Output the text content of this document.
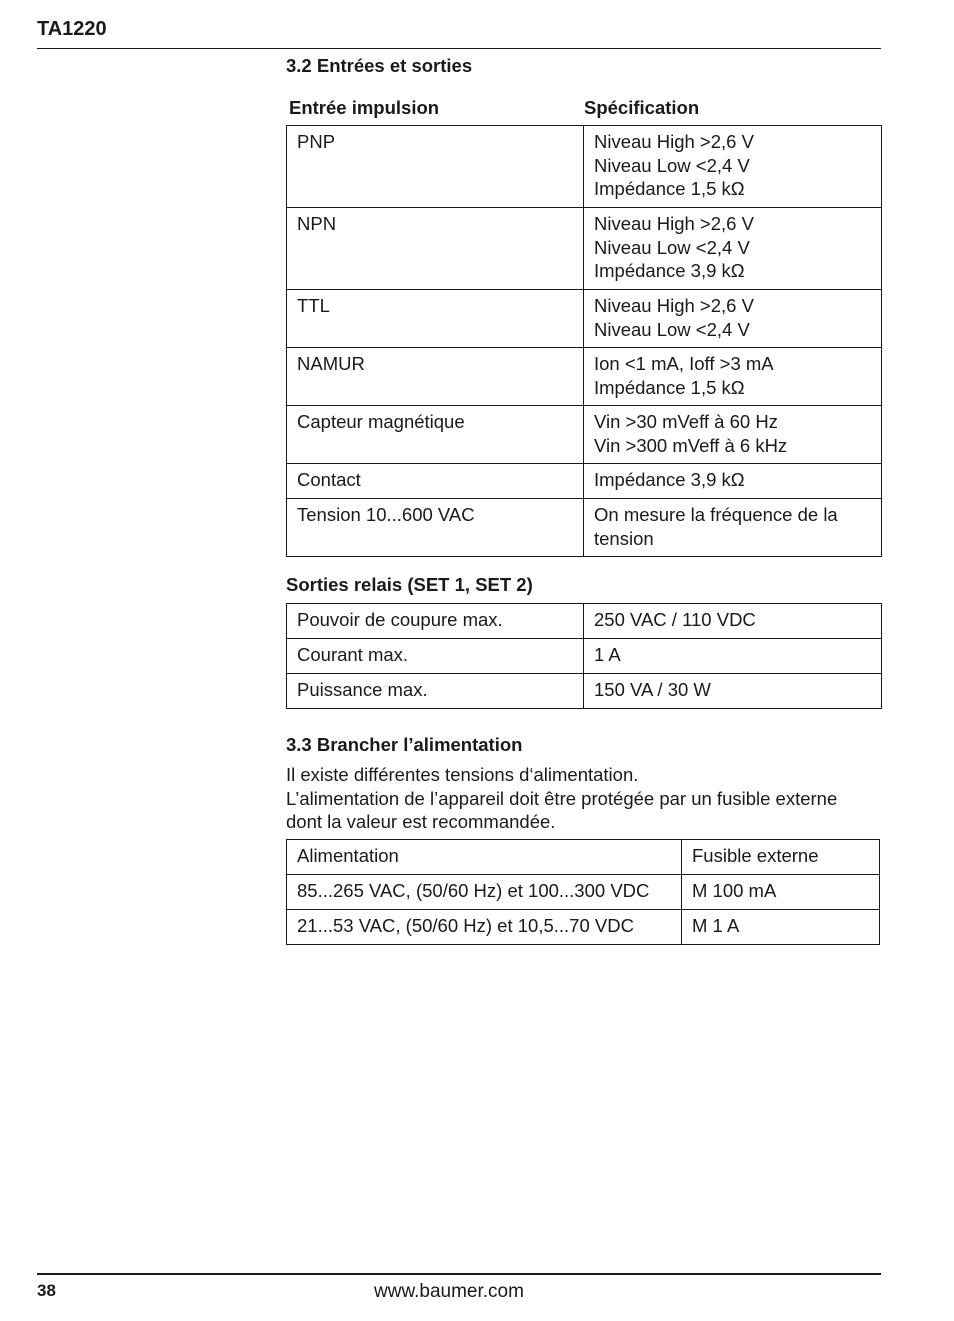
TA1220
3.2 Entrées et sorties
Entrée impulsion	Spécification
PNP	Niveau High >2,6 V
Niveau Low <2,4 V
Impédance 1,5 kΩ

NPN	Niveau High >2,6 V
Niveau Low <2,4 V
Impédance 3,9 kΩ

TTL	Niveau High >2,6 V
Niveau Low <2,4 V

NAMUR	Ion <1 mA, Ioff >3 mA
Impédance 1,5 kΩ

Capteur magnétique	Vin >30 mVeff à 60 Hz
Vin >300 mVeff à 6 kHz

Contact	Impédance 3,9 kΩ

Tension 10...600 VAC	On mesure la fréquence de la
tension
Sorties relais (SET 1, SET 2)
Pouvoir de coupure max.	250 VAC / 110 VDC
Courant max.	1 A
Puissance max.	150 VA / 30 W
3.3 Brancher l’alimentation
Il existe différentes tensions d‘alimentation.
L’alimentation de l’appareil doit être protégée par un fusible externe
dont la valeur est recommandée.
Alimentation	Fusible externe
85...265 VAC, (50/60 Hz) et 100...300 VDC	M 100 mA
21...53 VAC, (50/60 Hz) et 10,5...70 VDC	M 1 A
38	www.baumer.com
